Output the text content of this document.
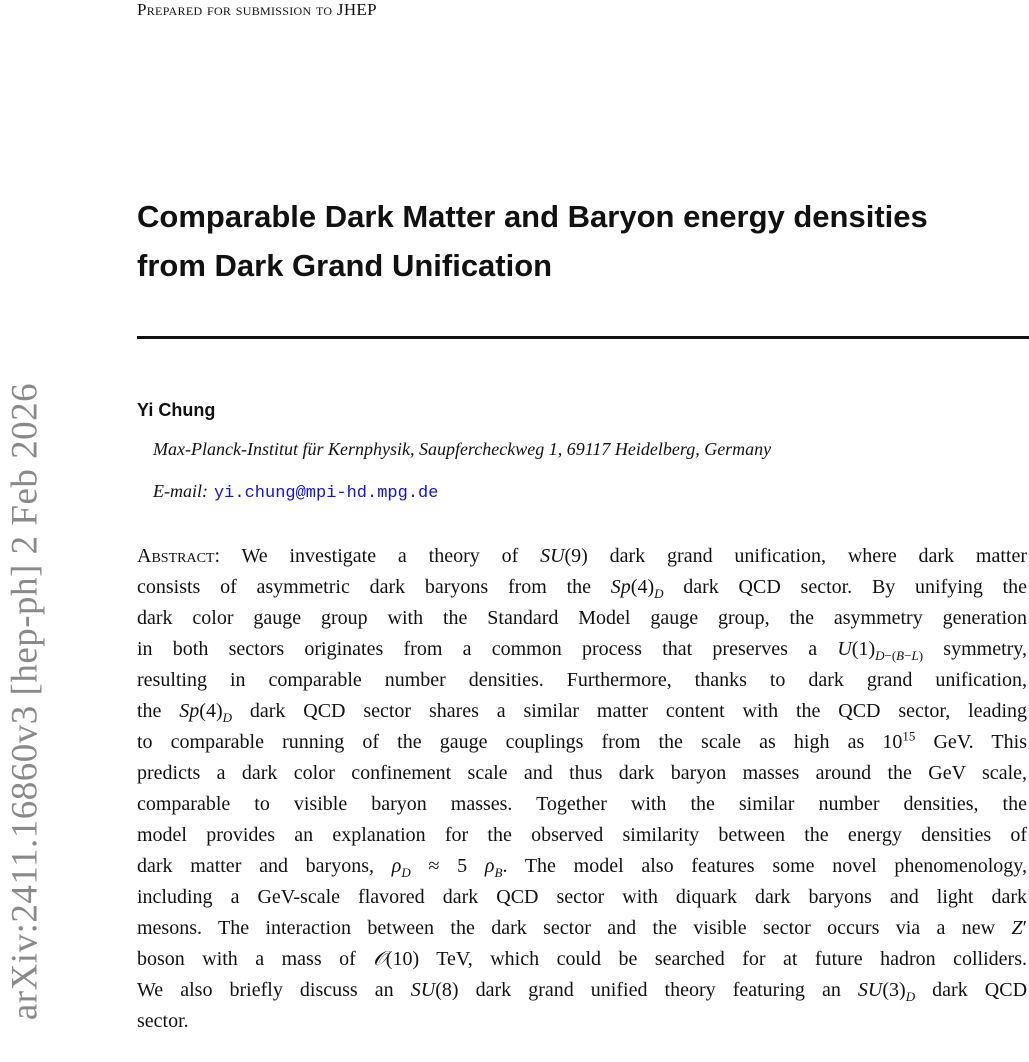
Prepared for submission to JHEP
Comparable Dark Matter and Baryon energy densities
from Dark Grand Unification
Yi Chung
Max-Planck-Institut für Kernphysik, Saupfercheckweg 1, 69117 Heidelberg, Germany
E-mail: yi.chung@mpi-hd.mpg.de
Abstract: We investigate a theory of SU(9) dark grand unification, where dark matter
consists of asymmetric dark baryons from the $Sp(4)_D$ dark QCD sector. By unifying the
dark color gauge group with the Standard Model gauge group, the asymmetry generation
in both sectors originates from a common process that preserves a $U(1)_{D-(B-L)}$ symmetry,
resulting in comparable number densities. Furthermore, thanks to dark grand unification,
the $Sp(4)_D$ dark QCD sector shares a similar matter content with the QCD sector, leading
to comparable running of the gauge couplings from the scale as high as $10^{15}$ GeV. This
predicts a dark color confinement scale and thus dark baryon masses around the GeV scale,
comparable to visible baryon masses. Together with the similar number densities, the
model provides an explanation for the observed similarity between the energy densities of
dark matter and baryons, $\rho_D \approx 5$ $\rho_B$. The model also features some novel phenomenology,
including a GeV-scale flavored dark QCD sector with diquark dark baryons and light dark
mesons. The interaction between the dark sector and the visible sector occurs via a new Z′
boson with a mass of 𝒪(10) TeV, which could be searched for at future hadron colliders.
We also briefly discuss an SU(8) dark grand unified theory featuring an $SU(3)_D$ dark QCD
sector.
arXiv:2411.16860v3 [hep-ph] 2 Feb 2026
